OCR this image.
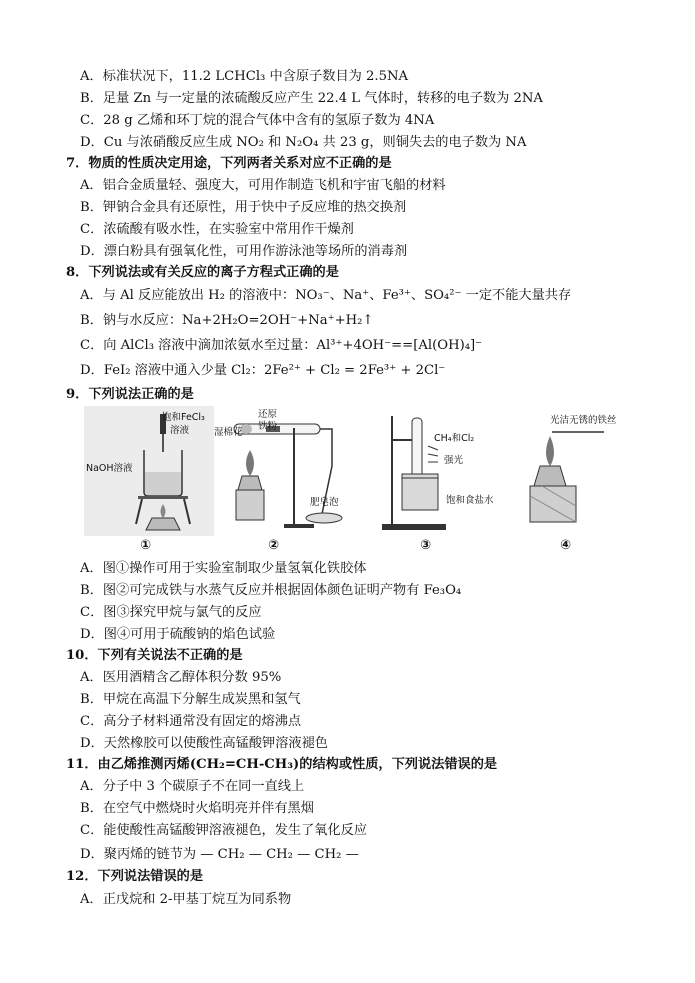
A．标准状况下，11.2 LCHCl₃ 中含原子数目为 2.5NA
B．足量 Zn 与一定量的浓硫酸反应产生 22.4 L 气体时，转移的电子数为 2NA
C．28 g 乙烯和环丁烷的混合气体中含有的氢原子数为 4NA
D．Cu 与浓硝酸反应生成 NO₂ 和 N₂O₄ 共 23 g，则铜失去的电子数为 NA
7．物质的性质决定用途，下列两者关系对应不正确的是
A．铝合金质量轻、强度大，可用作制造飞机和宇宙飞船的材料
B．钾钠合金具有还原性，用于快中子反应堆的热交换剂
C．浓硫酸有吸水性，在实验室中常用作干燥剂
D．漂白粉具有强氧化性，可用作游泳池等场所的消毒剂
8．下列说法或有关反应的离子方程式正确的是
A．与 Al 反应能放出 H₂ 的溶液中：NO₃⁻、Na⁺、Fe³⁺、SO₄²⁻ 一定不能大量共存
B．钠与水反应：Na+2H₂O=2OH⁻+Na⁺+H₂↑
C．向 AlCl₃ 溶液中滴加浓氨水至过量：Al³⁺+4OH⁻==[Al(OH)₄]⁻
D．FeI₂ 溶液中通入少量 Cl₂：2Fe²⁺ + Cl₂ = 2Fe³⁺ + 2Cl⁻
9．下列说法正确的是
饱和FeCl₃
溶液
NaOH溶液
①
湿棉花
还原
铁粉
肥皂泡
②
CH₄和Cl₂
强光
饱和食盐水
③
光洁无锈的铁丝
④
A．图①操作可用于实验室制取少量氢氧化铁胶体
B．图②可完成铁与水蒸气反应并根据固体颜色证明产物有 Fe₃O₄
C．图③探究甲烷与氯气的反应
D．图④可用于硫酸钠的焰色试验
10．下列有关说法不正确的是
A．医用酒精含乙醇体积分数 95%
B．甲烷在高温下分解生成炭黑和氢气
C．高分子材料通常没有固定的熔沸点
D．天然橡胶可以使酸性高锰酸钾溶液褪色
11．由乙烯推测丙烯(CH₂=CH-CH₃)的结构或性质，下列说法错误的是
A．分子中 3 个碳原子不在同一直线上
B．在空气中燃烧时火焰明亮并伴有黑烟
C．能使酸性高锰酸钾溶液褪色，发生了氧化反应
D．聚丙烯的链节为 — CH₂ — CH₂ — CH₂ —
12．下列说法错误的是
A．正戊烷和 2-甲基丁烷互为同系物
